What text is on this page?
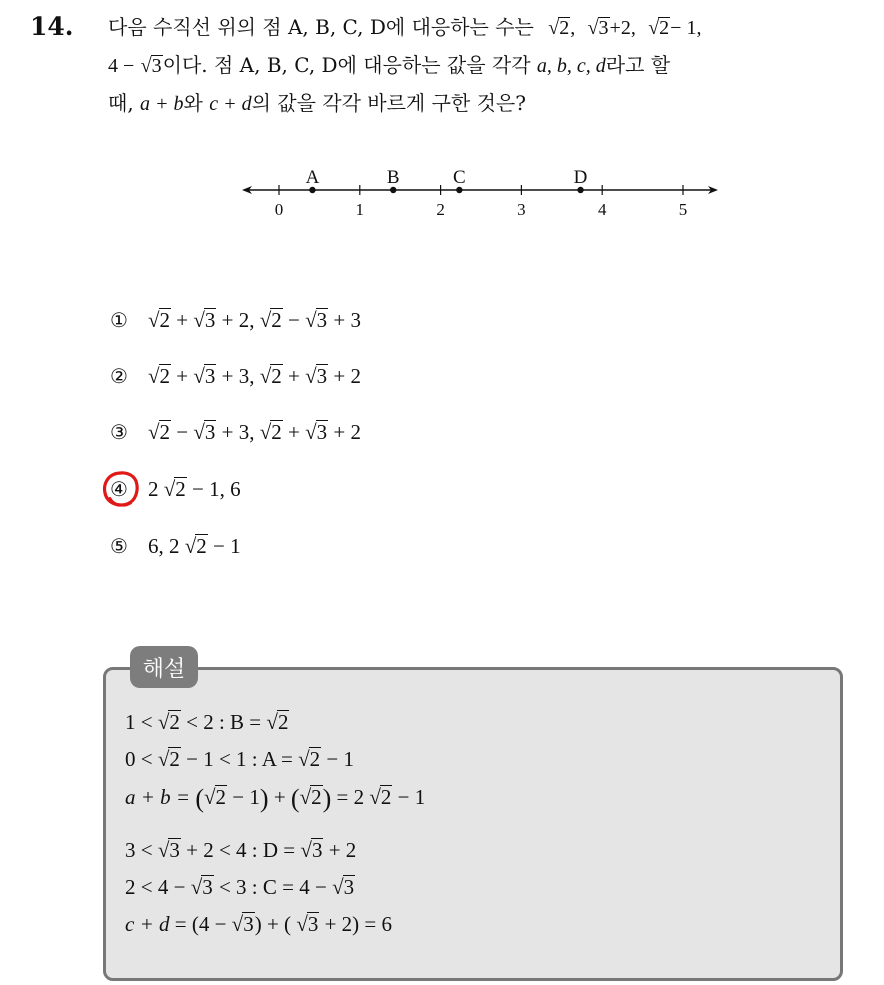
14. 다음 수직선 위의 점 A, B, C, D에 대응하는 수는 √2, √3+2, √2− 1,
4 − √3이다. 점 A, B, C, D에 대응하는 값을 각각 a, b, c, d라고 할
때, a + b와 c + d의 값을 각각 바르게 구한 것은?
0	1	2	3	4	5
A	B	C	D
① √2 + √3 + 2, √2 − √3 + 3
② √2 + √3 + 3, √2 + √3 + 2
③ √2 − √3 + 3, √2 + √3 + 2
④ 2 √2 − 1, 6
⑤ 6, 2 √2 − 1
해설
1 < √2 < 2 : B = √2
0 < √2 − 1 < 1 : A = √2 − 1
a + b = (√2 − 1) + (√2) = 2 √2 − 1
3 < √3 + 2 < 4 : D = √3 + 2
2 < 4 − √3 < 3 : C = 4 − √3
c + d = (4 − √3) + ( √3 + 2) = 6
